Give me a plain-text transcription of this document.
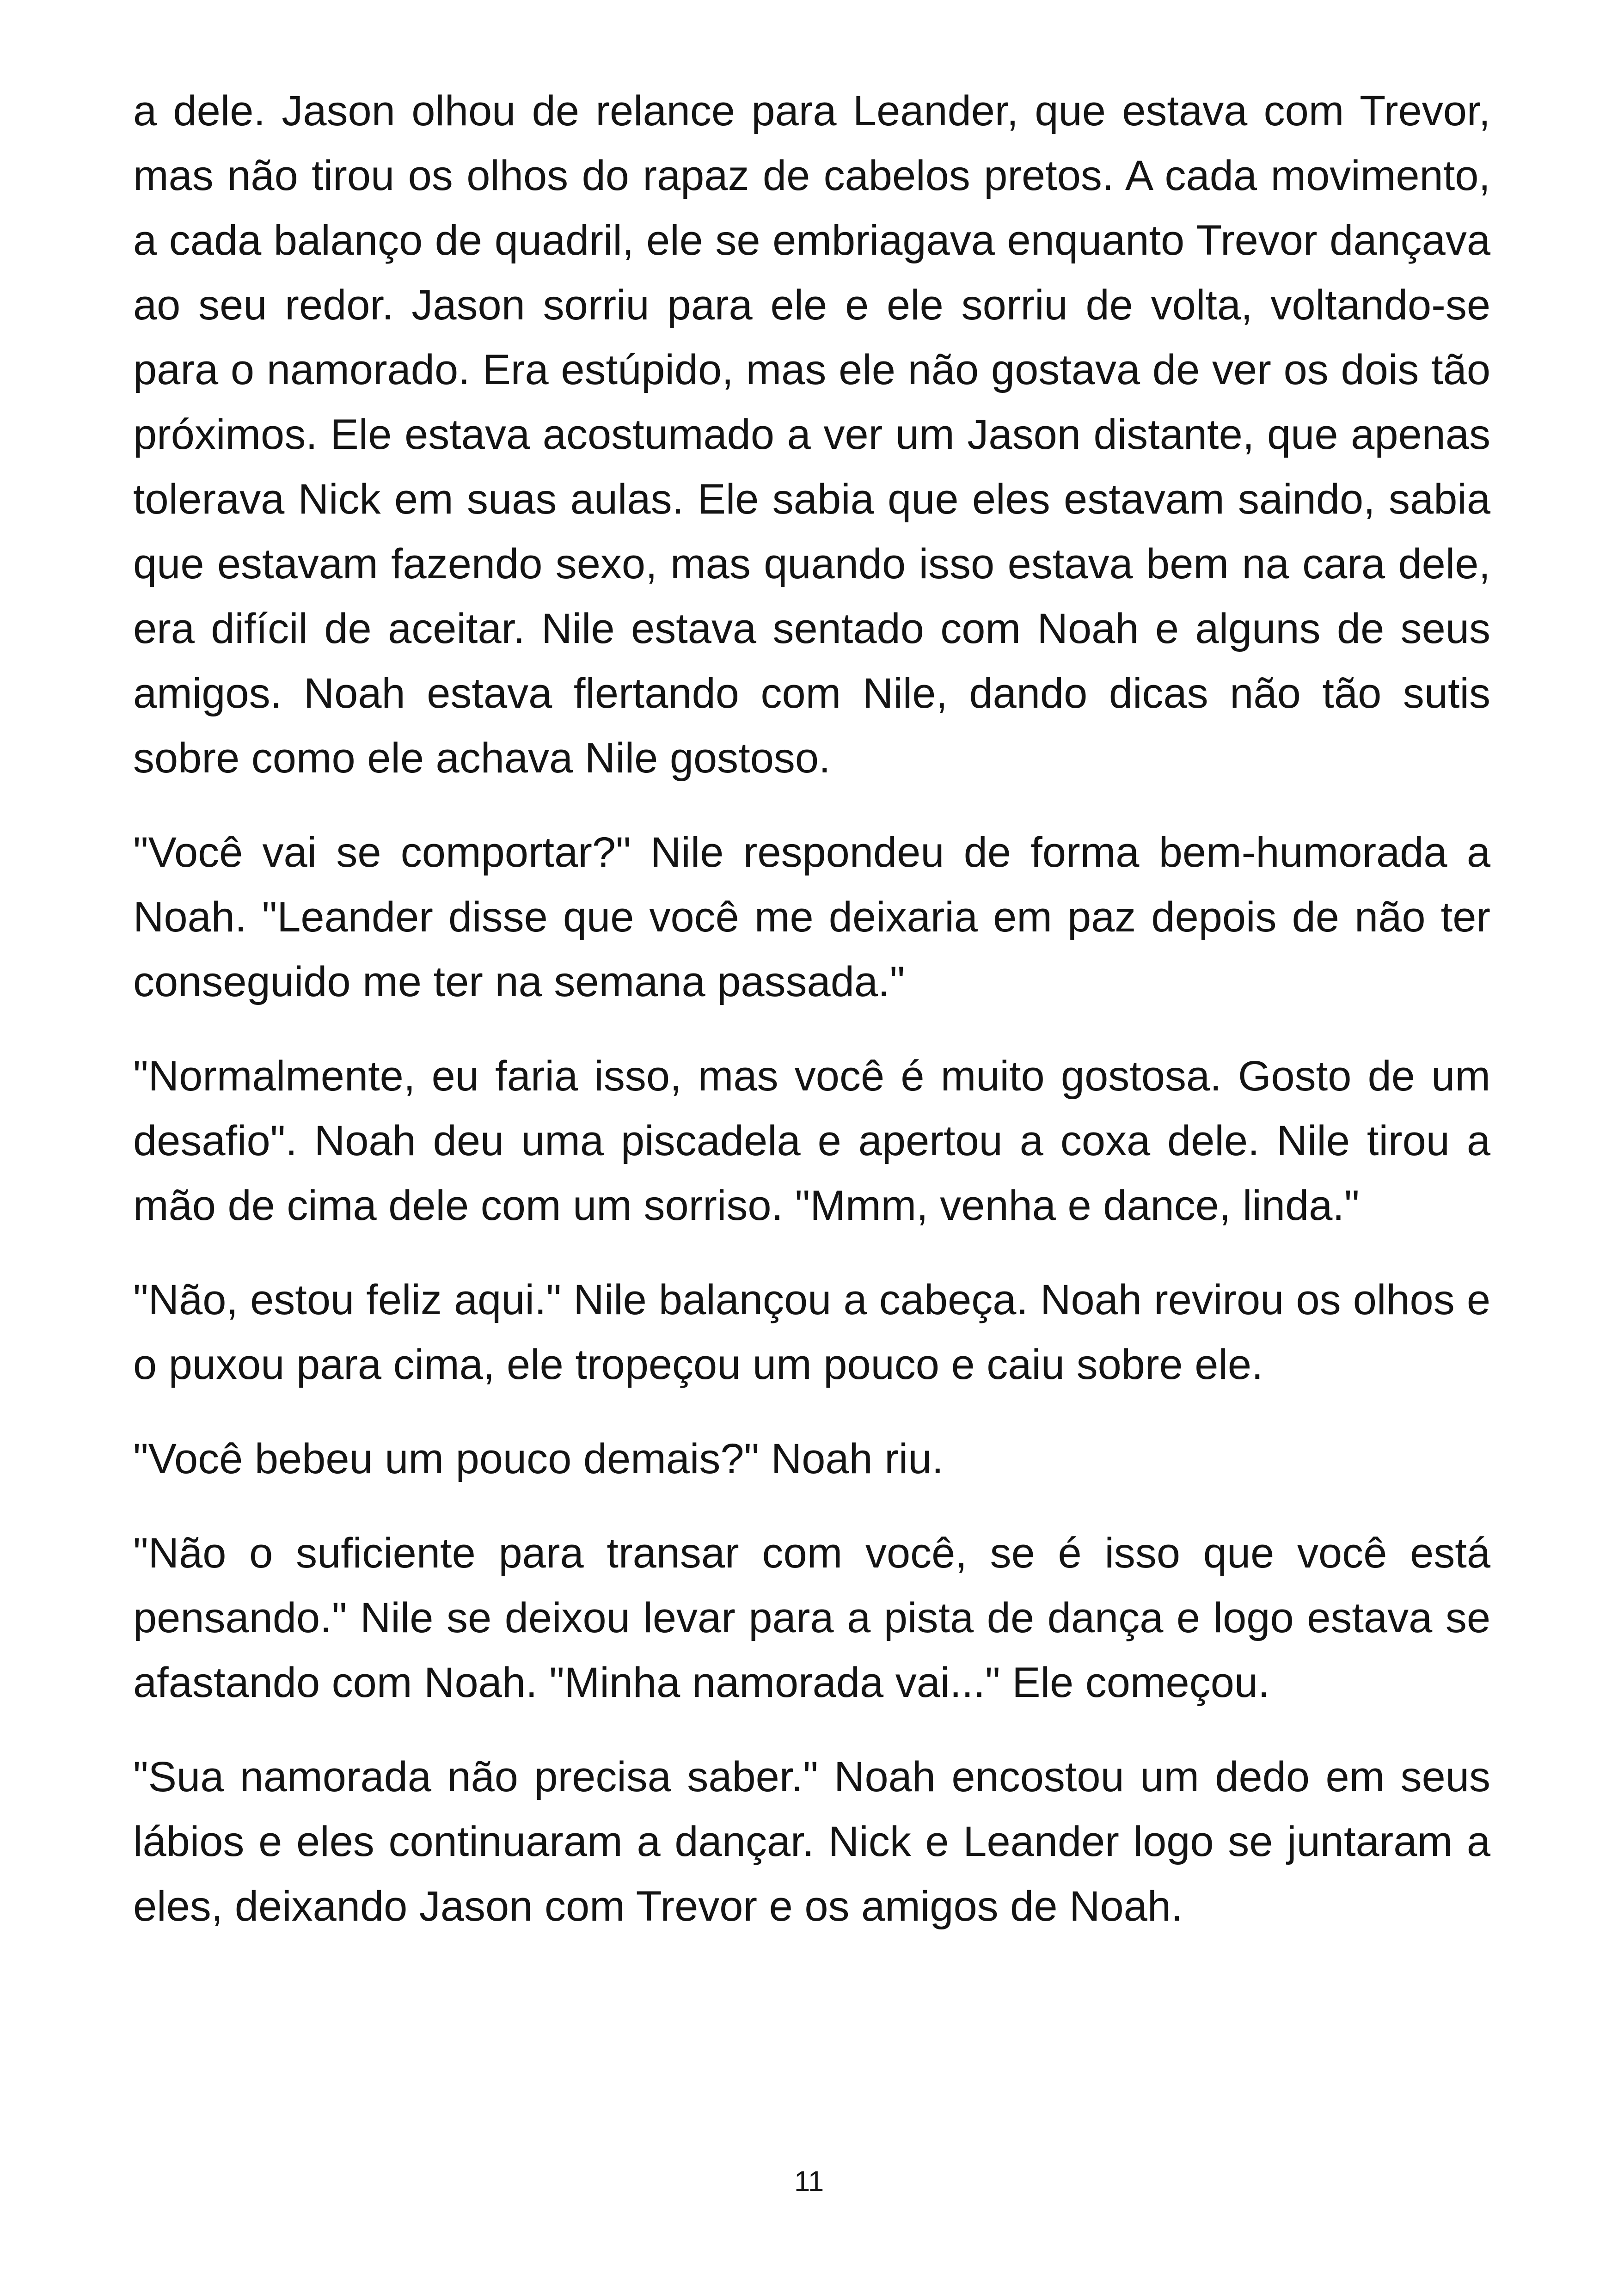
a dele. Jason olhou de relance para Leander, que estava com Trevor, mas não tirou os olhos do rapaz de cabelos pretos. A cada movimento, a cada balanço de quadril, ele se embriagava enquanto Trevor dançava ao seu redor. Jason sorriu para ele e ele sorriu de volta, voltando-se para o namorado. Era estúpido, mas ele não gostava de ver os dois tão próximos. Ele estava acostumado a ver um Jason distante, que apenas tolerava Nick em suas aulas. Ele sabia que eles estavam saindo, sabia que estavam fazendo sexo, mas quando isso estava bem na cara dele, era difícil de aceitar. Nile estava sentado com Noah e alguns de seus amigos. Noah estava flertando com Nile, dando dicas não tão sutis sobre como ele achava Nile gostoso.

"Você vai se comportar?" Nile respondeu de forma bem-humorada a Noah. "Leander disse que você me deixaria em paz depois de não ter conseguido me ter na semana passada."

"Normalmente, eu faria isso, mas você é muito gostosa. Gosto de um desafio". Noah deu uma piscadela e apertou a coxa dele. Nile tirou a mão de cima dele com um sorriso. "Mmm, venha e dance, linda."

"Não, estou feliz aqui." Nile balançou a cabeça. Noah revirou os olhos e o puxou para cima, ele tropeçou um pouco e caiu sobre ele.

"Você bebeu um pouco demais?" Noah riu.

"Não o suficiente para transar com você, se é isso que você está pensando." Nile se deixou levar para a pista de dança e logo estava se afastando com Noah. "Minha namorada vai..." Ele começou.

"Sua namorada não precisa saber." Noah encostou um dedo em seus lábios e eles continuaram a dançar. Nick e Leander logo se juntaram a eles, deixando Jason com Trevor e os amigos de Noah.

11
